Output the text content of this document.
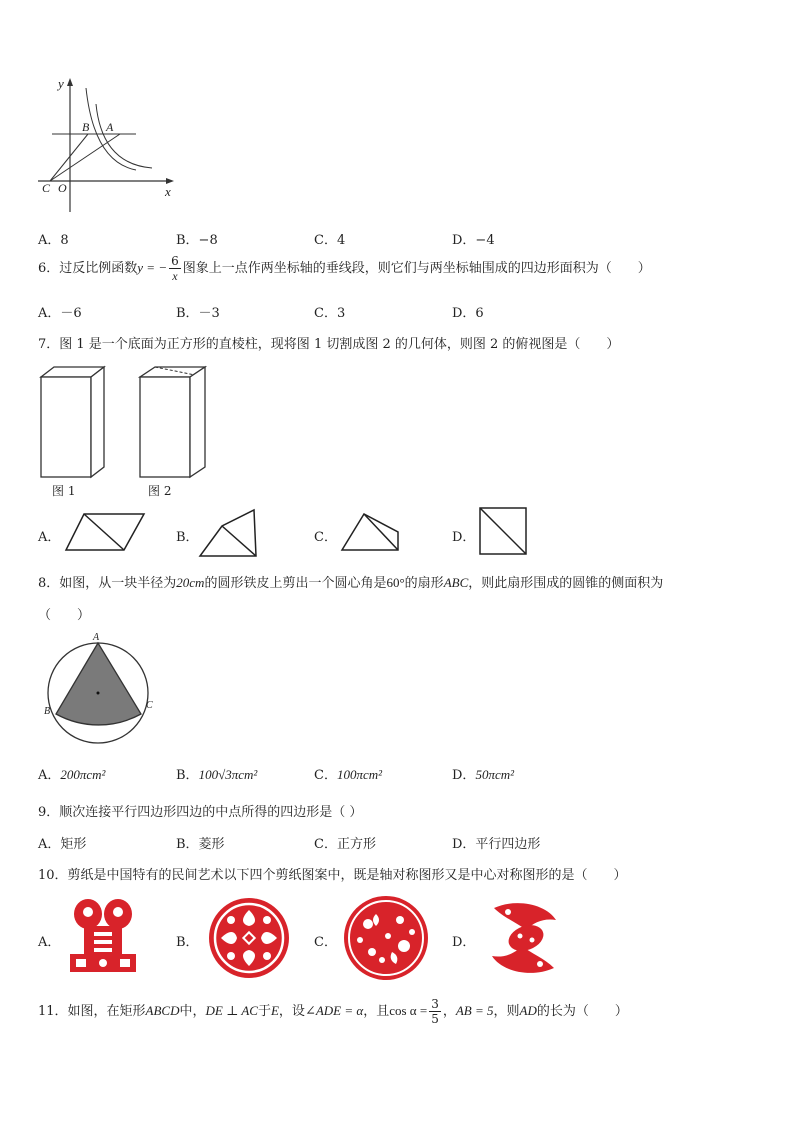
y
x
B A
C O
A．8	B．−8	C．4	D．−4
6．过反比例函数y = − $\frac{6}{x}$ 图象上一点作两坐标轴的垂线段，则它们与两坐标轴围成的四边形面积为（　　）
A．－6	B．－3	C．3	D．6
7．图 1 是一个底面为正方形的直棱柱，现将图 1 切割成图 2 的几何体，则图 2 的俯视图是（　　）
图 1	图 2
A．	B．	C．	D．
8．如图，从一块半径为20cm的圆形铁皮上剪出一个圆心角是60°的扇形ABC，则此扇形围成的圆锥的侧面积为
（　　）
A
B
C
A．200πcm²	B．100√3πcm²	C．100πcm²	D．50πcm²
9．顺次连接平行四边形四边的中点所得的四边形是（ ）
A．矩形	B．菱形	C．正方形	D．平行四边形
10．剪纸是中国特有的民间艺术以下四个剪纸图案中，既是轴对称图形又是中心对称图形的是（　　）
A．	B．	C．	D．
11．如图，在矩形ABCD中，DE ⊥ AC于E，设∠ADE = α，且$\cos \alpha = \frac{3}{5}$ ，AB = 5，则AD的长为（　　）
